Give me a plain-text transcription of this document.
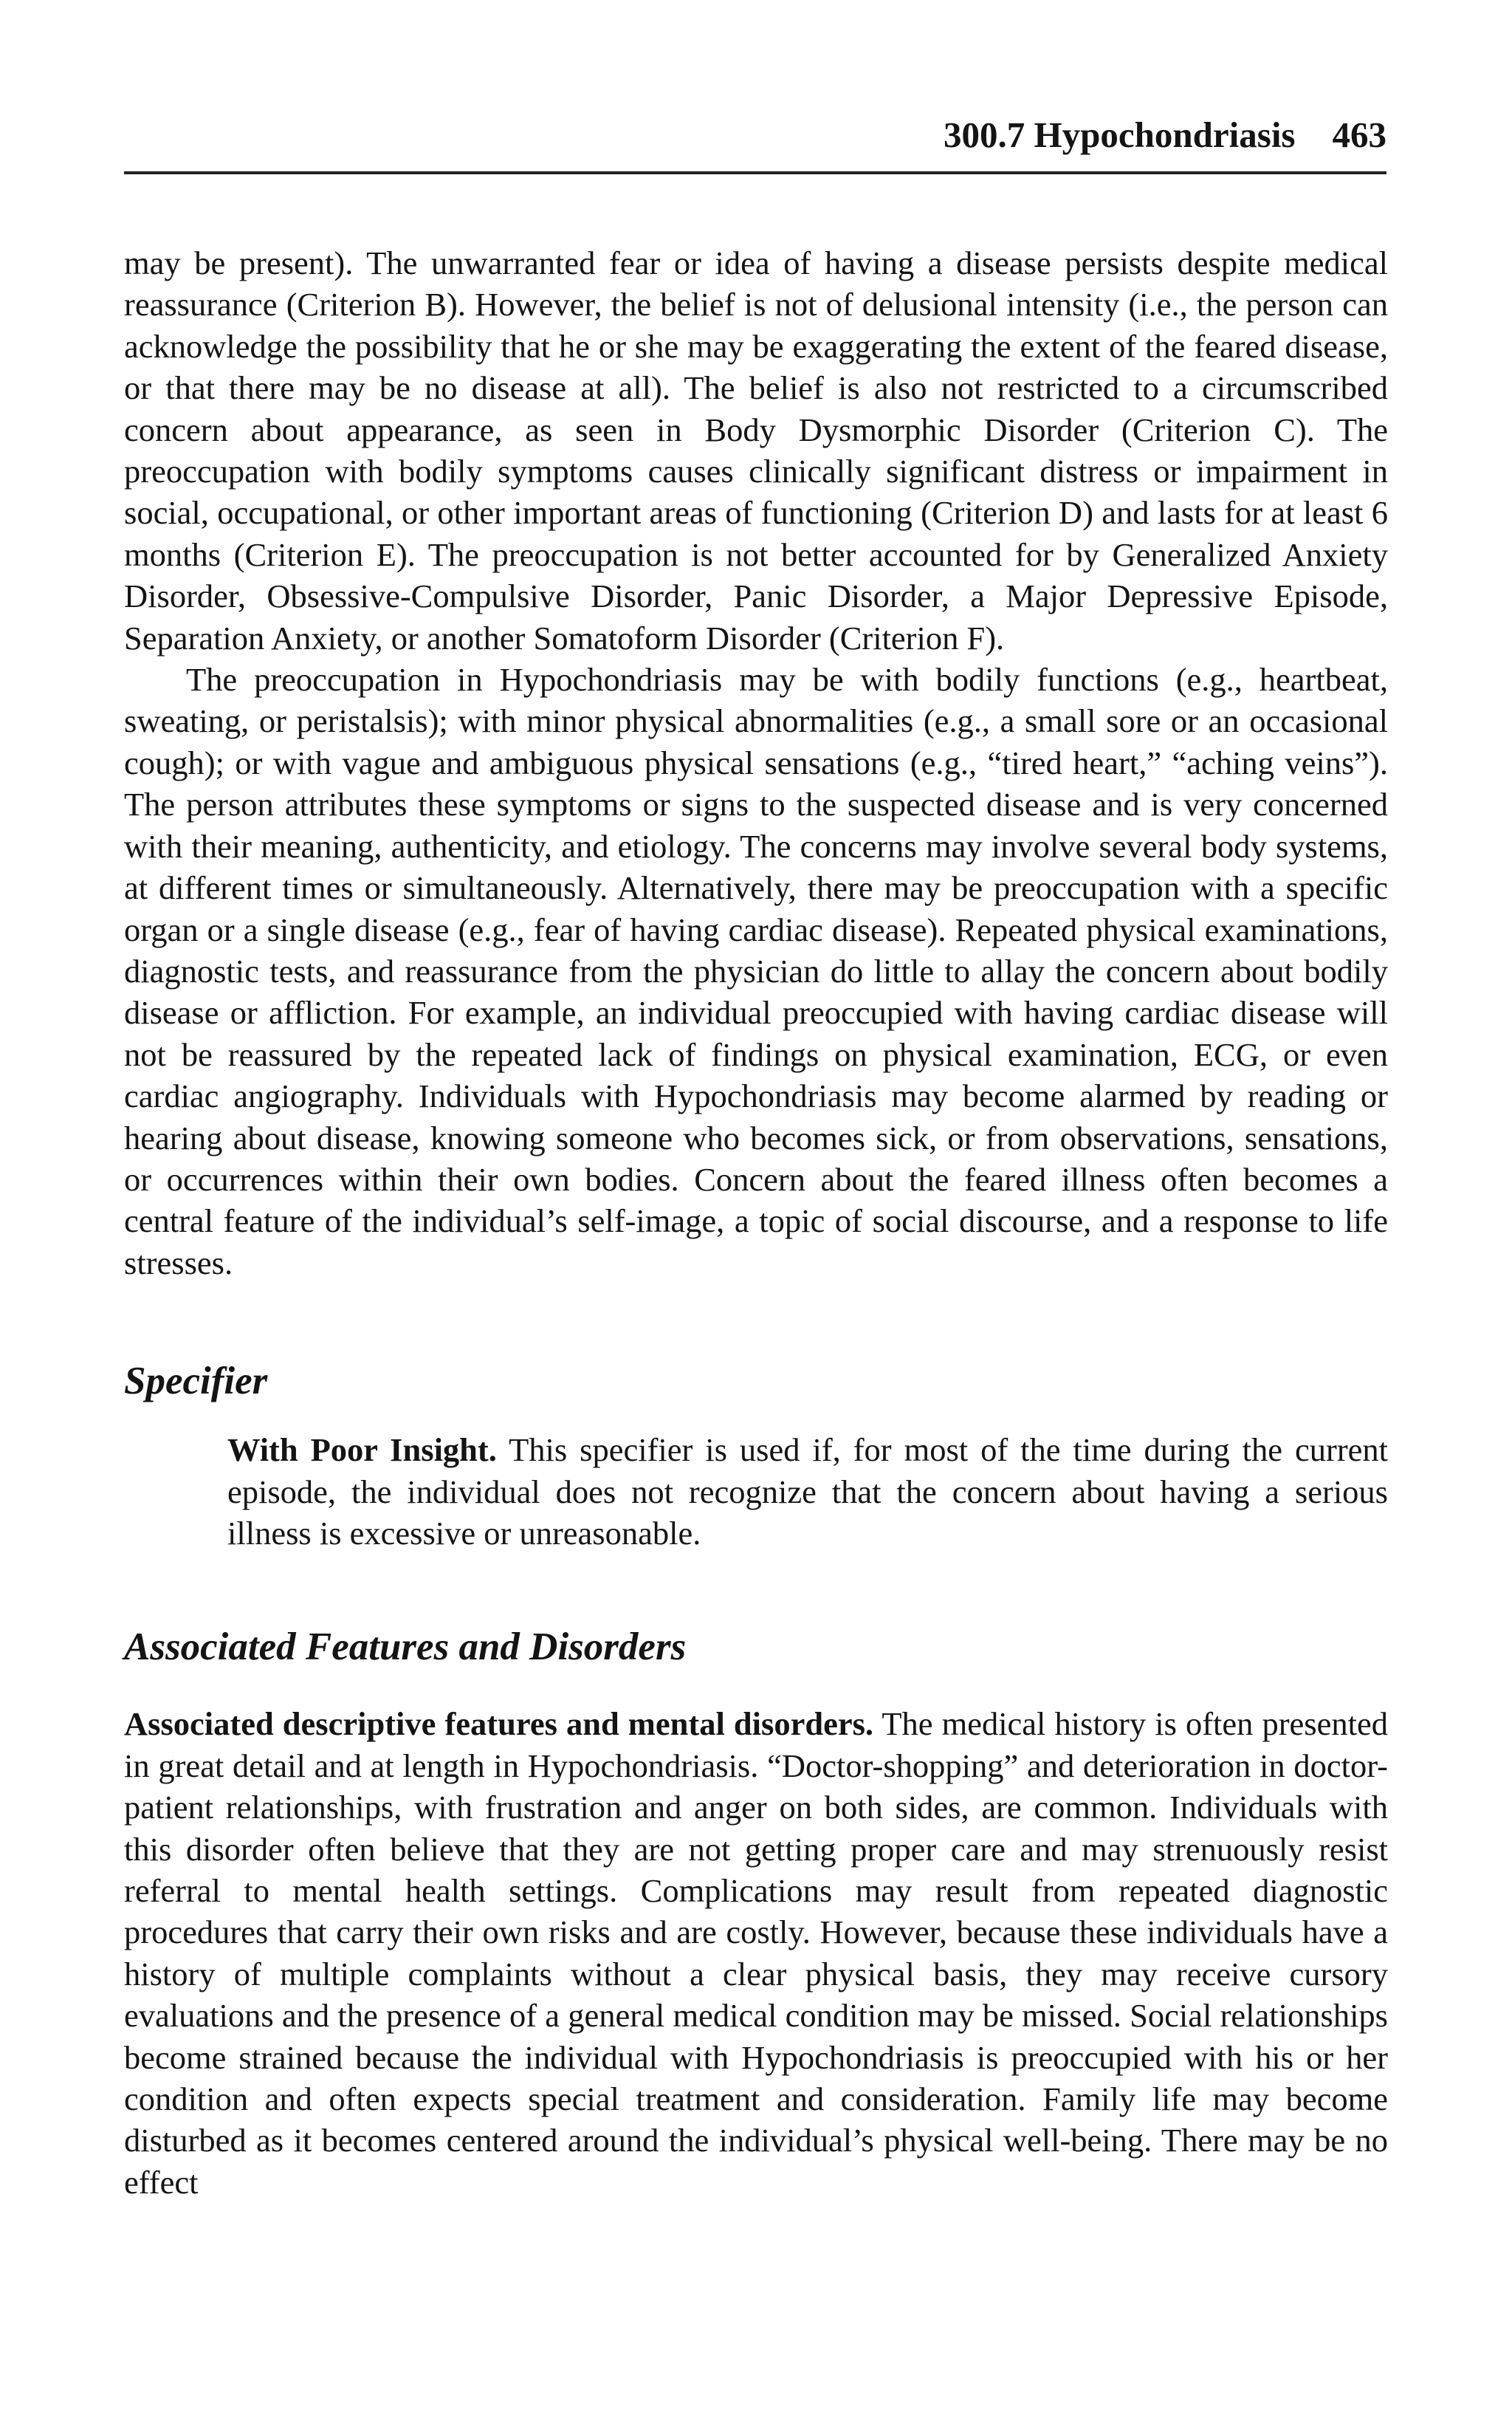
300.7 Hypochondriasis 463

may be present). The unwarranted fear or idea of having a disease persists despite medical reassurance (Criterion B). However, the belief is not of delusional intensity (i.e., the person can acknowledge the possibility that he or she may be exaggerating the extent of the feared disease, or that there may be no disease at all). The belief is also not restricted to a circumscribed concern about appearance, as seen in Body Dysmorphic Disorder (Criterion C). The preoccupation with bodily symptoms causes clinically significant distress or impairment in social, occupational, or other important areas of functioning (Criterion D) and lasts for at least 6 months (Criterion E). The preoccupation is not better accounted for by Generalized Anxiety Disorder, Obsessive-Compulsive Disorder, Panic Disorder, a Major Depressive Episode, Separation Anxiety, or another Somatoform Disorder (Criterion F).

The preoccupation in Hypochondriasis may be with bodily functions (e.g., heartbeat, sweating, or peristalsis); with minor physical abnormalities (e.g., a small sore or an occasional cough); or with vague and ambiguous physical sensations (e.g., “tired heart,” “aching veins”). The person attributes these symptoms or signs to the suspected disease and is very concerned with their meaning, authenticity, and etiology. The concerns may involve several body systems, at different times or simultaneously. Alternatively, there may be preoccupation with a specific organ or a single disease (e.g., fear of having cardiac disease). Repeated physical examinations, diagnostic tests, and reassurance from the physician do little to allay the concern about bodily disease or affliction. For example, an individual preoccupied with having cardiac disease will not be reassured by the repeated lack of findings on physical examination, ECG, or even cardiac angiography. Individuals with Hypochondriasis may become alarmed by reading or hearing about disease, knowing someone who becomes sick, or from observations, sensations, or occurrences within their own bodies. Concern about the feared illness often becomes a central feature of the individual’s self-image, a topic of social discourse, and a response to life stresses.

Specifier

With Poor Insight. This specifier is used if, for most of the time during the current episode, the individual does not recognize that the concern about having a serious illness is excessive or unreasonable.

Associated Features and Disorders

Associated descriptive features and mental disorders. The medical history is often presented in great detail and at length in Hypochondriasis. “Doctor-shopping” and deterioration in doctor-patient relationships, with frustration and anger on both sides, are common. Individuals with this disorder often believe that they are not getting proper care and may strenuously resist referral to mental health settings. Complications may result from repeated diagnostic procedures that carry their own risks and are costly. However, because these individuals have a history of multiple complaints without a clear physical basis, they may receive cursory evaluations and the presence of a general medical condition may be missed. Social relationships become strained because the individual with Hypochondriasis is preoccupied with his or her condition and often expects special treatment and consideration. Family life may become disturbed as it becomes centered around the individual’s physical well-being. There may be no effect
